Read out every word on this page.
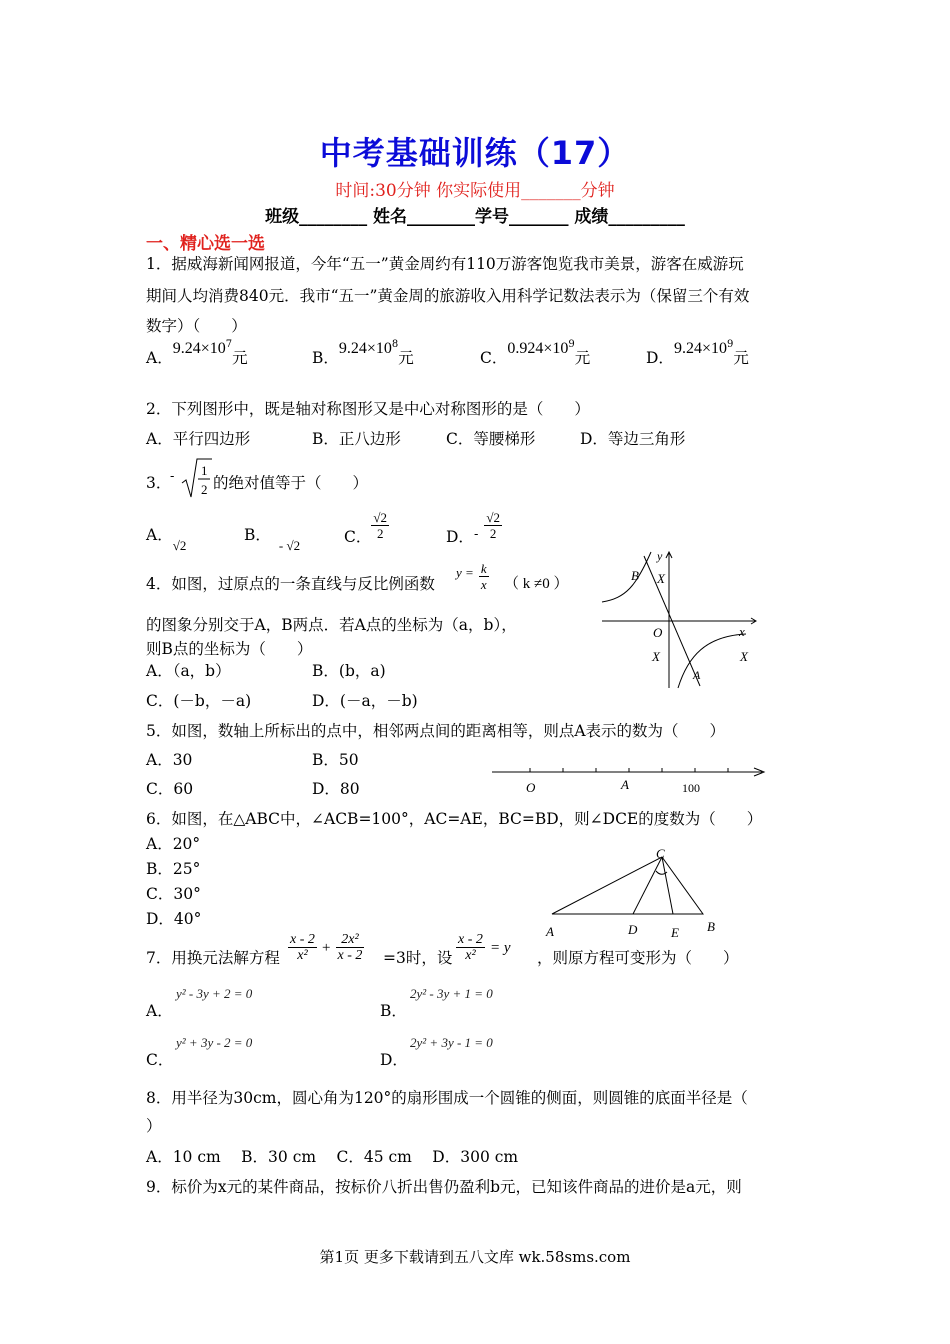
中考基础训练（17）
时间:30分钟 你实际使用_______分钟
班级________ 姓名________学号_______ 成绩_________
一、精心选一选
1．据威海新闻网报道，今年“五一”黄金周约有110万游客饱览我市美景，游客在威游玩
期间人均消费840元．我市“五一”黄金周的旅游收入用科学记数法表示为（保留三个有效
数字）（　　）
A．$9.24\times 10^7$元	B．$9.24\times 10^8$元	C．$0.924\times 10^9$元	D．$9.24\times 10^9$元
2．下列图形中，既是轴对称图形又是中心对称图形的是（　　）
A．平行四边形	B．正八边形	C．等腰梯形	D．等边三角形
3．
- 1
2 的绝对值等于（　　）
A．$_{√2}$
B．$_{- √2}$	C． $\frac{√2}{2}$	D．$_- \frac{√2}{2}$
4．如图，过原点的一条直线与反比例函数
$^{y =} \frac{k}{x}$ （ k ≠0 ）
的图象分别交于A，B两点．若A点的坐标为（a，b），
则B点的坐标为（　　）
A．（a，b）	B．(b，a)
C．(－b，－a)	D．(－a，－b)
B X
y
O	x
X
A
X
5．如图，数轴上所标出的点中，相邻两点间的距离相等，则点A表示的数为（　　）
A．30	B．50
C．60	D．80	O	A	100
6．如图，在△ABC中，∠ACB=100°，AC=AE，BC=BD，则∠DCE的度数为（　　）
A．20°
B．25°
C．30°
D．40°
C
A	D	E B
7．用换元法解方程 $\frac{x - 2}{\text{x²}} + \frac{\text{2x²}}{x - 2} =3$时，设 $\frac{x - 2}{\text{x²}} = y$
，则原方程可变形为（　　）
A．
y² - 3y + 2 = 0
B．
2y² - 3y + 1 = 0
C．
y² + 3y - 2 = 0
D．
2y² + 3y - 1 = 0
8．用半径为30cm，圆心角为120°的扇形围成一个圆锥的侧面，则圆锥的底面半径是（
）
A．10 cm　 B．30 cm　 C．45 cm　 D．300 cm
9．标价为x元的某件商品，按标价八折出售仍盈利b元，已知该件商品的进价是a元，则
第1页 更多下载请到五八文库 wk.58sms.com
